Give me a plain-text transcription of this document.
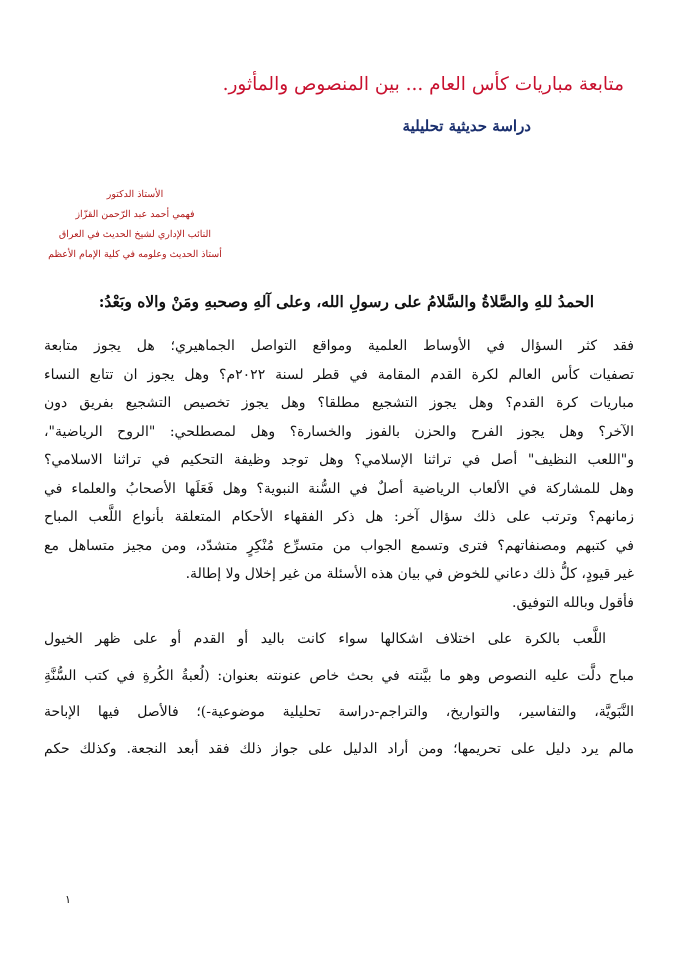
متابعة مباريات كأس العام ... بين المنصوص والمأثور.
دراسة حديثية تحليلية
الأستاذ الدكتور
فهمي أحمد عبد الرّحمن القزّاز
النائب الإداري لشيخ الحديث في العراق
أستاذ الحديث وعلومه في كلية الإمام الأعظم
الحمدُ للهِ والصَّلاةُ والسَّلامُ على رسولِ الله، وعلى آلهِ وصحبهِ ومَنْ والاه وبَعْدُ:
فقد كثر السؤال في الأوساط العلمية ومواقع التواصل الجماهيري؛ هل يجوز متابعة
تصفيات كأس العالم لكرة القدم المقامة في قطر لسنة ٢٠٢٢م؟ وهل يجوز ان تتابع النساء
مباريات كرة القدم؟ وهل يجوز التشجيع مطلقا؟ وهل يجوز تخصيص التشجيع بفريق دون
الآخر؟ وهل يجوز الفرح والحزن بالفوز والخسارة؟ وهل لمصطلحي: "الروح الرياضية"،
و"اللعب النظيف" أصل في تراثنا الإسلامي؟ وهل توجد وظيفة التحكيم في تراثنا الاسلامي؟
وهل للمشاركة في الألعاب الرياضية أصلٌ في السُّنة النبوية؟ وهل فَعَلَها الأصحابُ والعلماء في
زمانهم؟ وترتب على ذلك سؤال آخر: هل ذكر الفقهاء الأحكام المتعلقة بأنواع اللَّعب المباح
في كتبهم ومصنفاتهم؟ فترى وتسمع الجواب من متسرِّع مُنْكِرٍ متشدّد، ومن مجيز متساهل مع
غير قيودٍ، كلُّ ذلك دعاني للخوض في بيان هذه الأسئلة من غير إخلال ولا إطالة.
فأقول وبالله التوفيق.
اللَّعب بالكرة على اختلاف اشكالها سواء كانت باليد أو القدم أو على ظهر الخيول
مباح دلَّت عليه النصوص وهو ما بيَّنته في بحث خاص عنونته بعنوان: (لُعبةُ الكُرةِ في كتب السُّنَّةِ
النَّبَويَّة، والتفاسير، والتواريخ، والتراجم-دراسة تحليلية موضوعية-)؛ فالأصل فيها الإباحة
مالم يرد دليل على تحريمها؛ ومن أراد الدليل على جواز ذلك فقد أبعد النجعة. وكذلك حكم
١
